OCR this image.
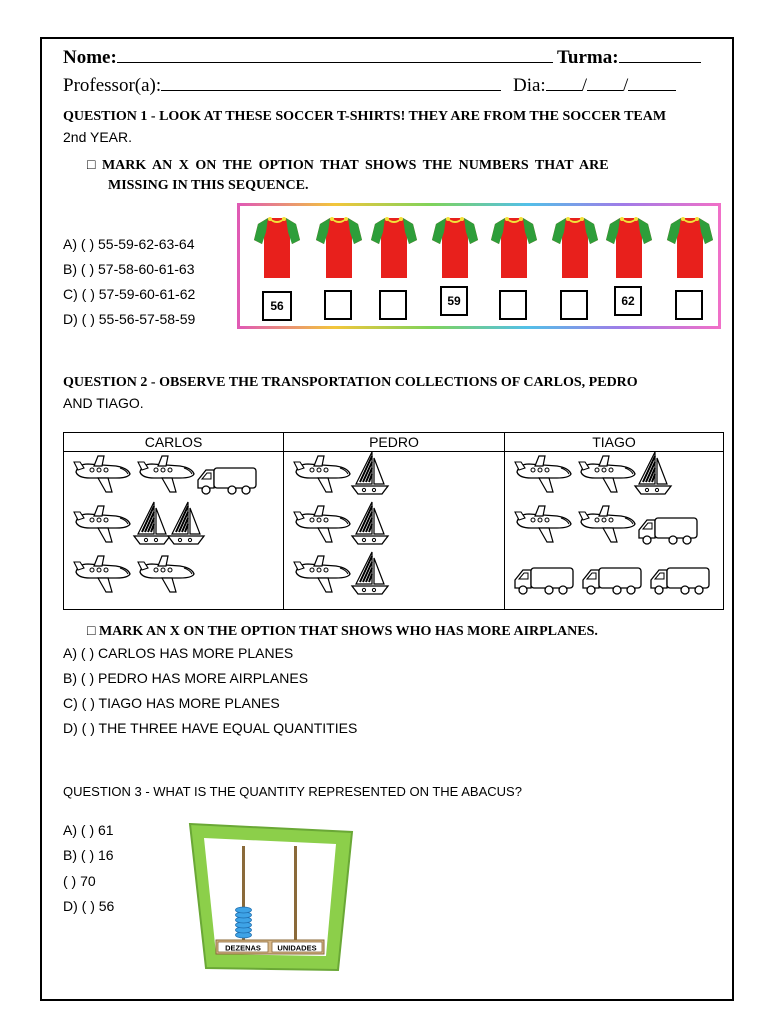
Nome:	Turma:
Professor(a):	Dia: / /
QUESTION 1 - LOOK AT THESE SOCCER T-SHIRTS! THEY ARE FROM THE SOCCER TEAM
2nd YEAR.
□ MARK AN X ON THE OPTION THAT SHOWS THE NUMBERS THAT ARE
MISSING IN THIS SEQUENCE.
A) ( ) 55-59-62-63-64
B) ( ) 57-58-60-61-63
C) ( ) 57-59-60-61-62
D) ( ) 55-56-57-58-59
56	59	62
QUESTION 2 - OBSERVE THE TRANSPORTATION COLLECTIONS OF CARLOS, PEDRO
AND TIAGO.
CARLOS	PEDRO	TIAGO

□ MARK AN X ON THE OPTION THAT SHOWS WHO HAS MORE AIRPLANES.
A) ( ) CARLOS HAS MORE PLANES
B) ( ) PEDRO HAS MORE AIRPLANES
C) ( ) TIAGO HAS MORE PLANES
D) ( ) THE THREE HAVE EQUAL QUANTITIES
QUESTION 3 - WHAT IS THE QUANTITY REPRESENTED ON THE ABACUS?
A) ( ) 61
B) ( ) 16
( ) 70
D) ( ) 56
DEZENAS UNIDADES
